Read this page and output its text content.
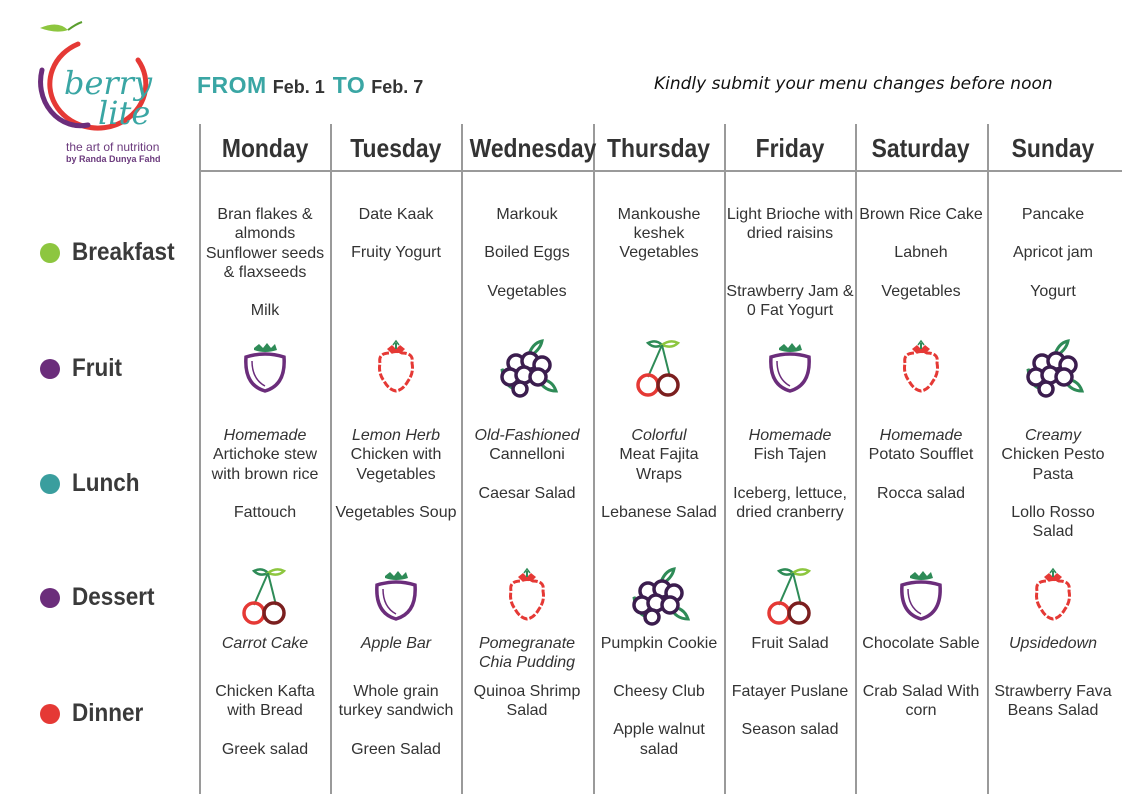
berry
lite
the art of nutrition
by Randa Dunya Fahd
FROM Feb. 1 TO Feb. 7	Kindly submit your menu changes before noon
Breakfast
Fruit
Lunch
Dessert
Dinner
Monday
Bran flakes & almonds Sunflower seeds & flaxseeds
Milk
Homemade
Artichoke stew with brown rice
Fattouch
Carrot Cake
Chicken Kafta with Bread
Greek salad
Tuesday
Date Kaak
Fruity Yogurt
Lemon Herb
Chicken with Vegetables
Vegetables Soup
Apple Bar
Whole grain turkey sandwich
Green Salad
Wednesday
Markouk
Boiled Eggs
Vegetables
Old-Fashioned
Cannelloni
Caesar Salad
Pomegranate Chia Pudding
Quinoa Shrimp Salad
Thursday
Mankoushe keshek
Vegetables
Colorful
Meat Fajita Wraps
Lebanese Salad
Pumpkin Cookie
Cheesy Club
Apple walnut salad
Friday
Light Brioche with dried raisins
Strawberry Jam & 0 Fat Yogurt
Homemade
Fish Tajen
Iceberg, lettuce, dried cranberry
Fruit Salad
Fatayer Puslane
Season salad
Saturday
Brown Rice Cake
Labneh
Vegetables
Homemade
Potato Soufflet
Rocca salad
Chocolate Sable
Crab Salad With corn
Sunday
Pancake
Apricot jam
Yogurt
Creamy
Chicken Pesto Pasta
Lollo Rosso Salad
Upsidedown
Strawberry Fava Beans Salad
